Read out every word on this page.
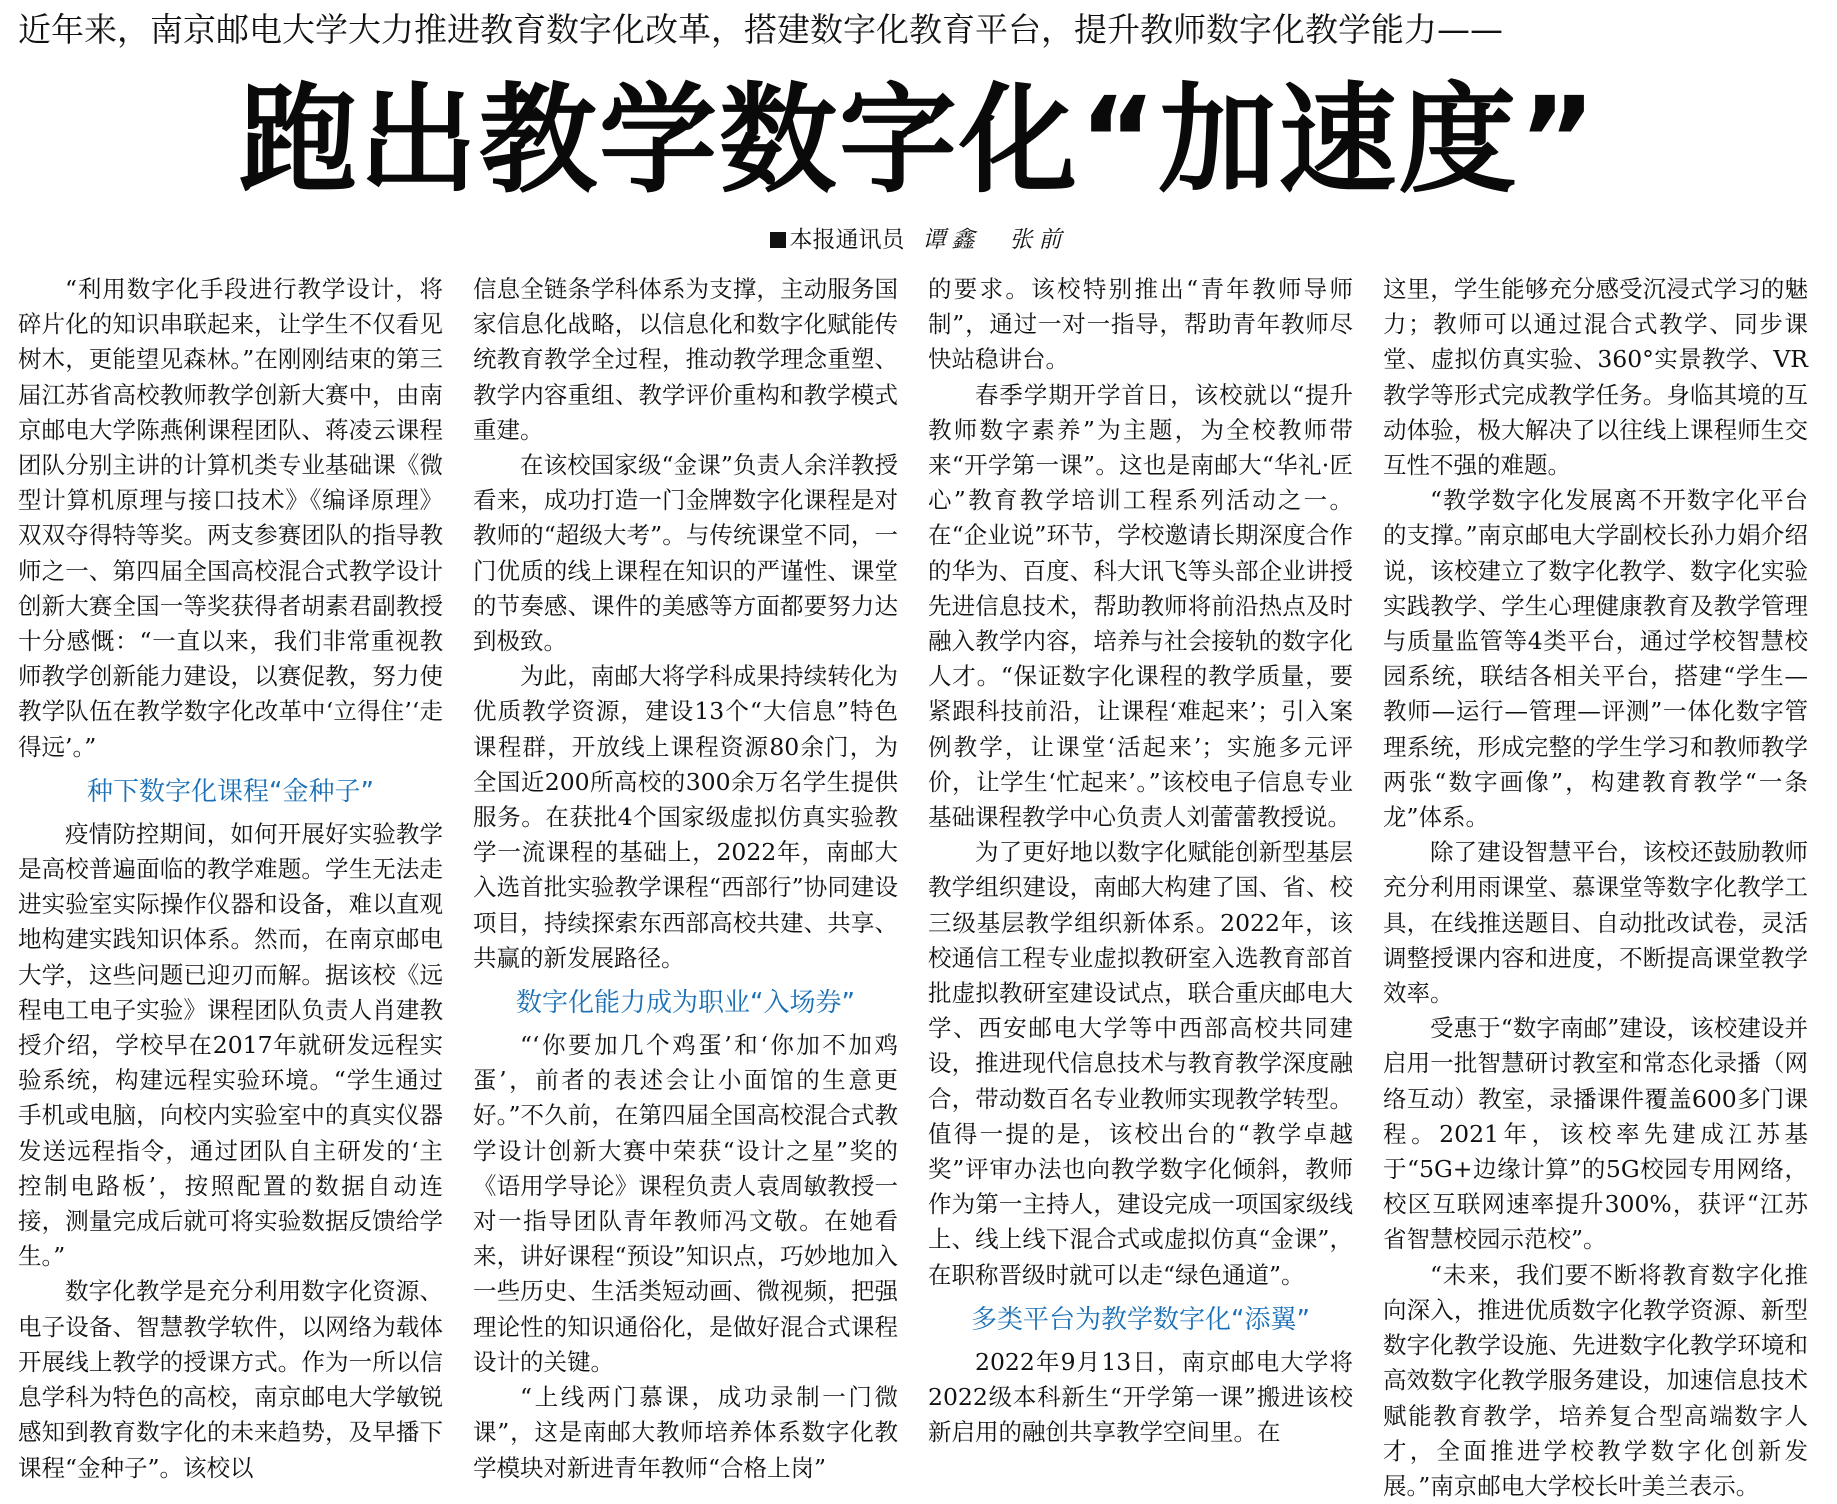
近年来，南京邮电大学大力推进教育数字化改革，搭建数字化教育平台，提升教师数字化教学能力——
跑出教学数字化“加速度”
本报通讯员 谭鑫　张前

“利用数字化手段进行教学设计，将碎片化的知识串联起来，让学生不仅看见树木，更能望见森林。”在刚刚结束的第三届江苏省高校教师教学创新大赛中，由南京邮电大学陈燕俐课程团队、蒋凌云课程团队分别主讲的计算机类专业基础课《微型计算机原理与接口技术》《编译原理》双双夺得特等奖。两支参赛团队的指导教师之一、第四届全国高校混合式教学设计创新大赛全国一等奖获得者胡素君副教授十分感慨：“一直以来，我们非常重视教师教学创新能力建设，以赛促教，努力使教学队伍在教学数字化改革中‘立得住’‘走得远’。”

种下数字化课程“金种子”

疫情防控期间，如何开展好实验教学是高校普遍面临的教学难题。学生无法走进实验室实际操作仪器和设备，难以直观地构建实践知识体系。然而，在南京邮电大学，这些问题已迎刃而解。据该校《远程电工电子实验》课程团队负责人肖建教授介绍，学校早在2017年就研发远程实验系统，构建远程实验环境。“学生通过手机或电脑，向校内实验室中的真实仪器发送远程指令，通过团队自主研发的‘主控制电路板’，按照配置的数据自动连接，测量完成后就可将实验数据反馈给学生。”

数字化教学是充分利用数字化资源、电子设备、智慧教学软件，以网络为载体开展线上教学的授课方式。作为一所以信息学科为特色的高校，南京邮电大学敏锐感知到教育数字化的未来趋势，及早播下课程“金种子”。该校以

信息全链条学科体系为支撑，主动服务国家信息化战略，以信息化和数字化赋能传统教育教学全过程，推动教学理念重塑、教学内容重组、教学评价重构和教学模式重建。

在该校国家级“金课”负责人余洋教授看来，成功打造一门金牌数字化课程是对教师的“超级大考”。与传统课堂不同，一门优质的线上课程在知识的严谨性、课堂的节奏感、课件的美感等方面都要努力达到极致。

为此，南邮大将学科成果持续转化为优质教学资源，建设13个“大信息”特色课程群，开放线上课程资源80余门，为全国近200所高校的300余万名学生提供服务。在获批4个国家级虚拟仿真实验教学一流课程的基础上，2022年，南邮大入选首批实验教学课程“西部行”协同建设项目，持续探索东西部高校共建、共享、共赢的新发展路径。

数字化能力成为职业“入场券”

“‘你要加几个鸡蛋’和‘你加不加鸡蛋’，前者的表述会让小面馆的生意更好。”不久前，在第四届全国高校混合式教学设计创新大赛中荣获“设计之星”奖的《语用学导论》课程负责人袁周敏教授一对一指导团队青年教师冯文敬。在她看来，讲好课程“预设”知识点，巧妙地加入一些历史、生活类短动画、微视频，把强理论性的知识通俗化，是做好混合式课程设计的关键。

“上线两门慕课，成功录制一门微课”，这是南邮大教师培养体系数字化教学模块对新进青年教师“合格上岗”

的要求。该校特别推出“青年教师导师制”，通过一对一指导，帮助青年教师尽快站稳讲台。

春季学期开学首日，该校就以“提升教师数字素养”为主题，为全校教师带来“开学第一课”。这也是南邮大“华礼·匠心”教育教学培训工程系列活动之一。在“企业说”环节，学校邀请长期深度合作的华为、百度、科大讯飞等头部企业讲授先进信息技术，帮助教师将前沿热点及时融入教学内容，培养与社会接轨的数字化人才。“保证数字化课程的教学质量，要紧跟科技前沿，让课程‘难起来’；引入案例教学，让课堂‘活起来’；实施多元评价，让学生‘忙起来’。”该校电子信息专业基础课程教学中心负责人刘蕾蕾教授说。

为了更好地以数字化赋能创新型基层教学组织建设，南邮大构建了国、省、校三级基层教学组织新体系。2022年，该校通信工程专业虚拟教研室入选教育部首批虚拟教研室建设试点，联合重庆邮电大学、西安邮电大学等中西部高校共同建设，推进现代信息技术与教育教学深度融合，带动数百名专业教师实现教学转型。值得一提的是，该校出台的“教学卓越奖”评审办法也向教学数字化倾斜，教师作为第一主持人，建设完成一项国家级线上、线上线下混合式或虚拟仿真“金课”，在职称晋级时就可以走“绿色通道”。

多类平台为教学数字化“添翼”

2022年9月13日，南京邮电大学将2022级本科新生“开学第一课”搬进该校新启用的融创共享教学空间里。在

这里，学生能够充分感受沉浸式学习的魅力；教师可以通过混合式教学、同步课堂、虚拟仿真实验、360°实景教学、VR教学等形式完成教学任务。身临其境的互动体验，极大解决了以往线上课程师生交互性不强的难题。

“教学数字化发展离不开数字化平台的支撑。”南京邮电大学副校长孙力娟介绍说，该校建立了数字化教学、数字化实验实践教学、学生心理健康教育及教学管理与质量监管等4类平台，通过学校智慧校园系统，联结各相关平台，搭建“学生—教师—运行—管理—评测”一体化数字管理系统，形成完整的学生学习和教师教学两张“数字画像”，构建教育教学“一条龙”体系。

除了建设智慧平台，该校还鼓励教师充分利用雨课堂、慕课堂等数字化教学工具，在线推送题目、自动批改试卷，灵活调整授课内容和进度，不断提高课堂教学效率。

受惠于“数字南邮”建设，该校建设并启用一批智慧研讨教室和常态化录播（网络互动）教室，录播课件覆盖600多门课程。2021年，该校率先建成江苏基于“5G+边缘计算”的5G校园专用网络，校区互联网速率提升300%，获评“江苏省智慧校园示范校”。

“未来，我们要不断将教育数字化推向深入，推进优质数字化教学资源、新型数字化教学设施、先进数字化教学环境和高效数字化教学服务建设，加速信息技术赋能教育教学，培养复合型高端数字人才，全面推进学校教学数字化创新发展。”南京邮电大学校长叶美兰表示。
